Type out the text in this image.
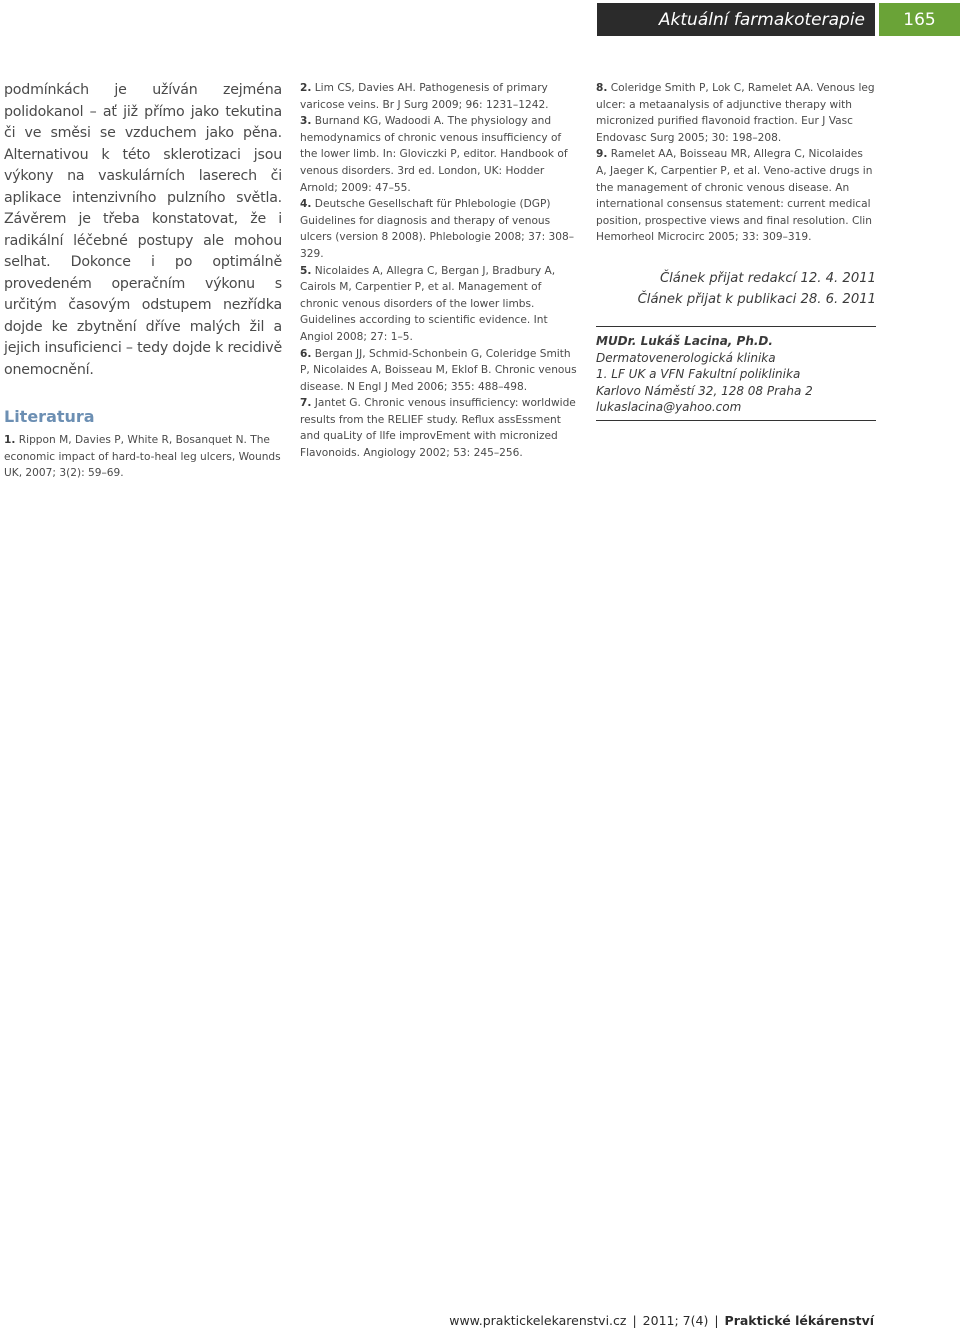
Aktuální farmakoterapie 165

podmínkách je užíván zejména polidokanol – ať již přímo jako tekutina či ve směsi se vzduchem jako pěna. Alternativou k této sklerotizaci jsou výkony na vaskulárních laserech či aplikace intenzivního pulzního světla. Závěrem je třeba konstatovat, že i radikální léčebné postupy ale mohou selhat. Dokonce i po optimálně provedeném operačním výkonu s určitým časovým odstupem nezřídka dojde ke zbytnění dříve malých žil a jejich insuficienci – tedy dojde k recidivě onemocnění.

Literatura

1. Rippon M, Davies P, White R, Bosanquet N. The economic impact of hard-to-heal leg ulcers, Wounds UK, 2007; 3(2): 59–69.

2. Lim CS, Davies AH. Pathogenesis of primary varicose veins. Br J Surg 2009; 96: 1231–1242.

3. Burnand KG, Wadoodi A. The physiology and hemodynamics of chronic venous insufficiency of the lower limb. In: Gloviczki P, editor. Handbook of venous disorders. 3rd ed. London, UK: Hodder Arnold; 2009: 47–55.

4. Deutsche Gesellschaft für Phlebologie (DGP) Guidelines for diagnosis and therapy of venous ulcers (version 8 2008). Phlebologie 2008; 37: 308–329.

5. Nicolaides A, Allegra C, Bergan J, Bradbury A, Cairols M, Carpentier P, et al. Management of chronic venous disorders of the lower limbs. Guidelines according to scientific evidence. Int Angiol 2008; 27: 1–5.

6. Bergan JJ, Schmid-Schonbein G, Coleridge Smith P, Nicolaides A, Boisseau M, Eklof B. Chronic venous disease. N Engl J Med 2006; 355: 488–498.

7. Jantet G. Chronic venous insufficiency: worldwide results from the RELIEF study. Reflux assEssment and quaLity of lIfe improvEment with micronized Flavonoids. Angiology 2002; 53: 245–256.

8. Coleridge Smith P, Lok C, Ramelet AA. Venous leg ulcer: a metaanalysis of adjunctive therapy with micronized purified flavonoid fraction. Eur J Vasc Endovasc Surg 2005; 30: 198–208.

9. Ramelet AA, Boisseau MR, Allegra C, Nicolaides A, Jaeger K, Carpentier P, et al. Veno-active drugs in the management of chronic venous disease. An international consensus statement: current medical position, prospective views and final resolution. Clin Hemorheol Microcirc 2005; 33: 309–319.

Článek přijat redakcí 12. 4. 2011
Článek přijat k publikaci 28. 6. 2011
MUDr. Lukáš Lacina, Ph.D.
Dermatovenerologická klinika
1. LF UK a VFN Fakultní poliklinika
Karlovo Náměstí 32, 128 08 Praha 2
lukaslacina@yahoo.com
www.praktickelekarenstvi.cz | 2011; 7(4) | Praktické lékárenství
